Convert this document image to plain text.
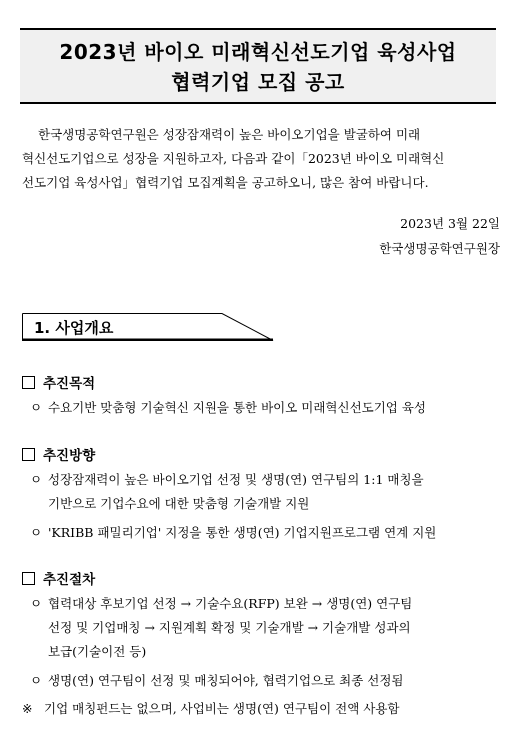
2023년 바이오 미래혁신선도기업 육성사업
협력기업 모집 공고
한국생명공학연구원은 성장잠재력이 높은 바이오기업을 발굴하여 미래
혁신선도기업으로 성장을 지원하고자, 다음과 같이「2023년 바이오 미래혁신
선도기업 육성사업」협력기업 모집계획을 공고하오니, 많은 참여 바랍니다.
2023년 3월 22일
한국생명공학연구원장
1. 사업개요
추진목적
ㅇ 수요기반 맞춤형 기술혁신 지원을 통한 바이오 미래혁신선도기업 육성
추진방향
ㅇ 성장잠재력이 높은 바이오기업 선정 및 생명(연) 연구팀의 1:1 매칭을
기반으로 기업수요에 대한 맞춤형 기술개발 지원
ㅇ 'KRIBB 패밀리기업' 지정을 통한 생명(연) 기업지원프로그램 연계 지원
추진절차
ㅇ 협력대상 후보기업 선정 → 기술수요(RFP) 보완 → 생명(연) 연구팀
선정 및 기업매칭 → 지원계획 확정 및 기술개발 → 기술개발 성과의
보급(기술이전 등)
ㅇ 생명(연) 연구팀이 선정 및 매칭되어야, 협력기업으로 최종 선정됨
※ 기업 매칭펀드는 없으며, 사업비는 생명(연) 연구팀이 전액 사용함
